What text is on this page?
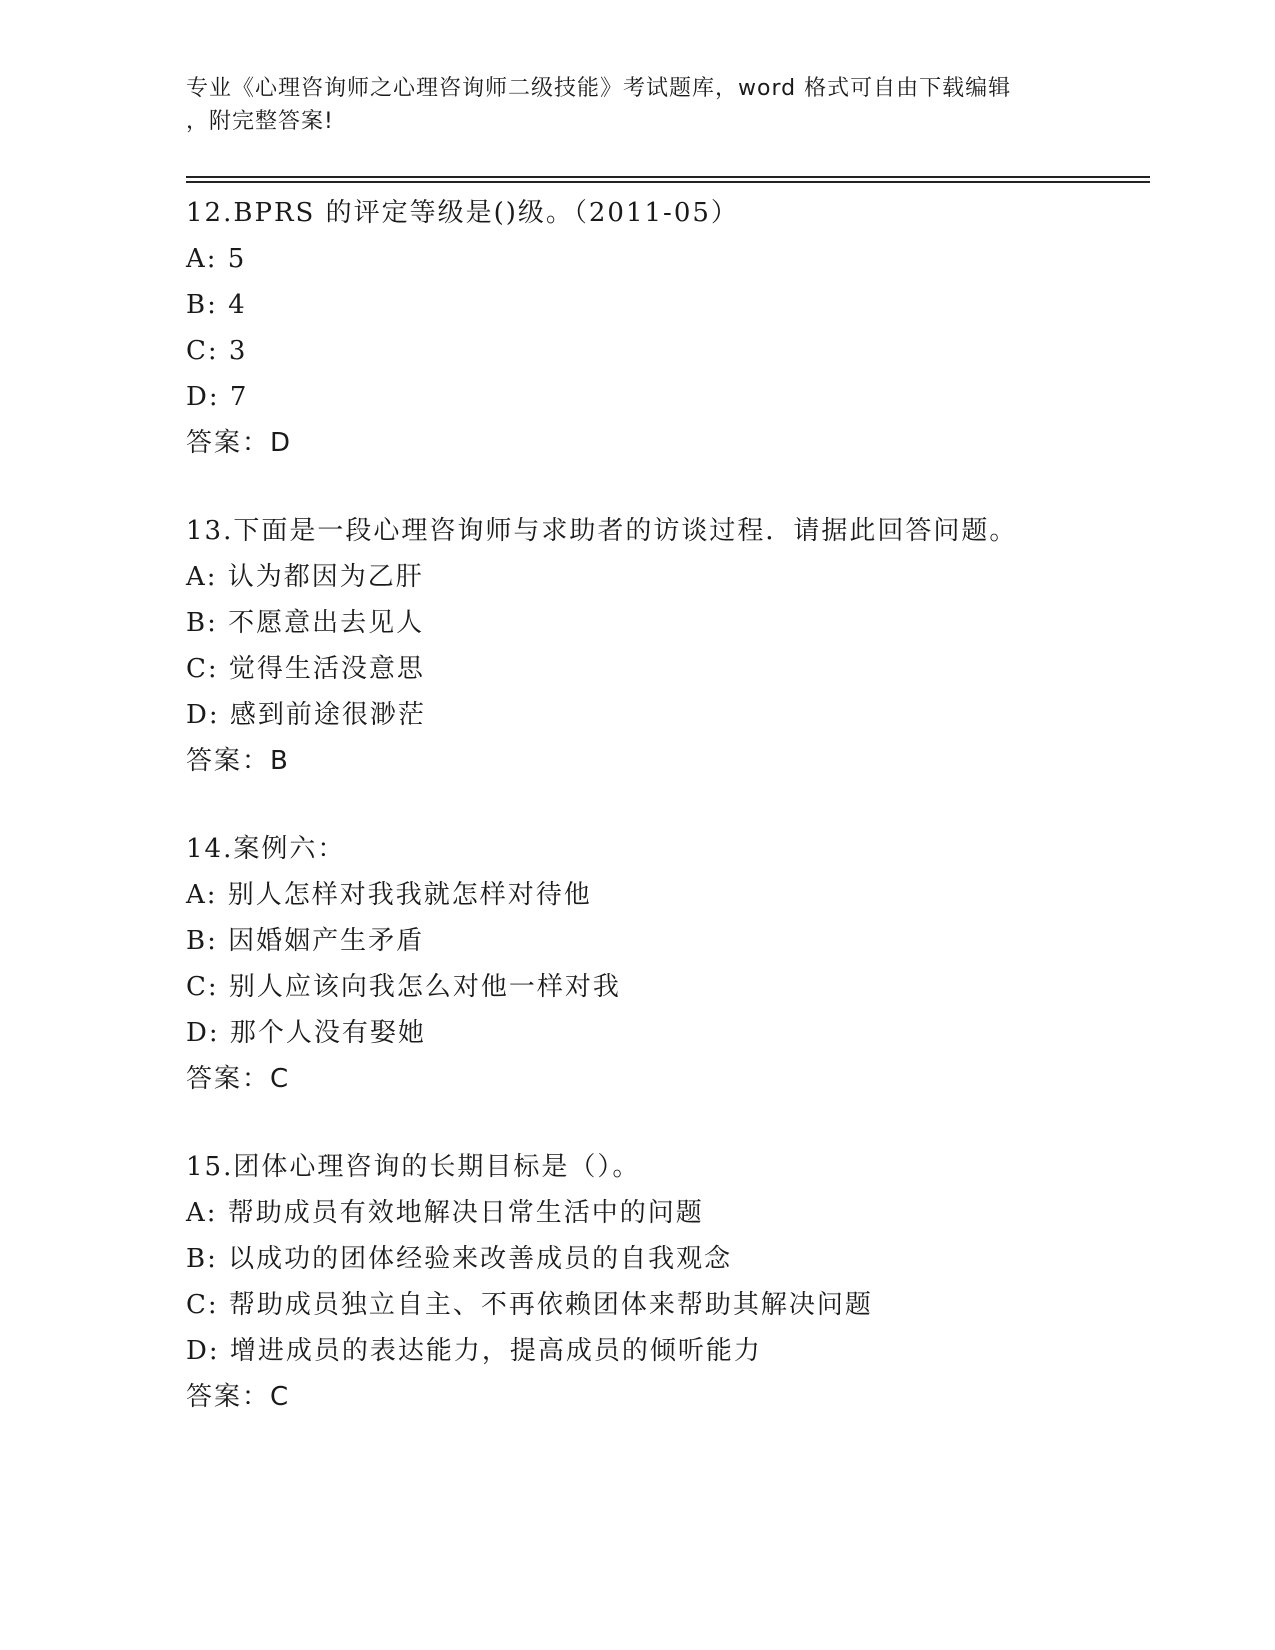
专业《心理咨询师之心理咨询师二级技能》考试题库，word 格式可自由下载编辑
，附完整答案!
12.BPRS 的评定等级是()级。（2011-05）
A: 5
B: 4
C: 3
D: 7
答案：D
13.下面是一段心理咨询师与求助者的访谈过程．请据此回答问题。
A: 认为都因为乙肝
B: 不愿意出去见人
C: 觉得生活没意思
D: 感到前途很渺茫
答案：B
14.案例六：
A: 别人怎样对我我就怎样对待他
B: 因婚姻产生矛盾
C: 别人应该向我怎么对他一样对我
D: 那个人没有娶她
答案：C
15.团体心理咨询的长期目标是（）。
A: 帮助成员有效地解决日常生活中的问题
B: 以成功的团体经验来改善成员的自我观念
C: 帮助成员独立自主、不再依赖团体来帮助其解决问题
D: 增进成员的表达能力，提高成员的倾听能力
答案：C
